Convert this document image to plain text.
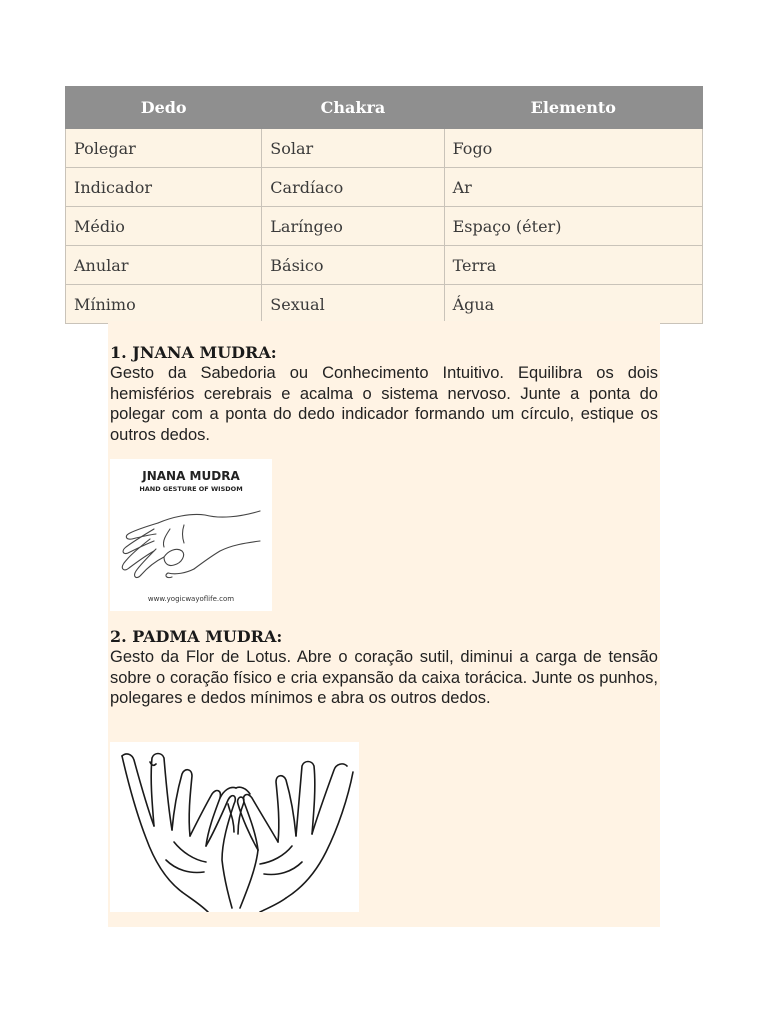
Dedo	Chakra	Elemento
Polegar	Solar	Fogo
Indicador	Cardíaco	Ar
Médio	Laríngeo	Espaço (éter)
Anular	Básico	Terra
Mínimo	Sexual	Água
1. JNANA MUDRA:
Gesto da Sabedoria ou Conhecimento Intuitivo. Equilibra os dois hemisférios cerebrais e acalma o sistema nervoso. Junte a ponta do polegar com a ponta do dedo indicador formando um círculo, estique os outros dedos.
JNANA MUDRA
HAND GESTURE OF WISDOM
www.yogicwayoflife.com
2. PADMA MUDRA:
Gesto da Flor de Lotus. Abre o coração sutil, diminui a carga de tensão sobre o coração físico e cria expansão da caixa torácica. Junte os punhos, polegares e dedos mínimos e abra os outros dedos.
